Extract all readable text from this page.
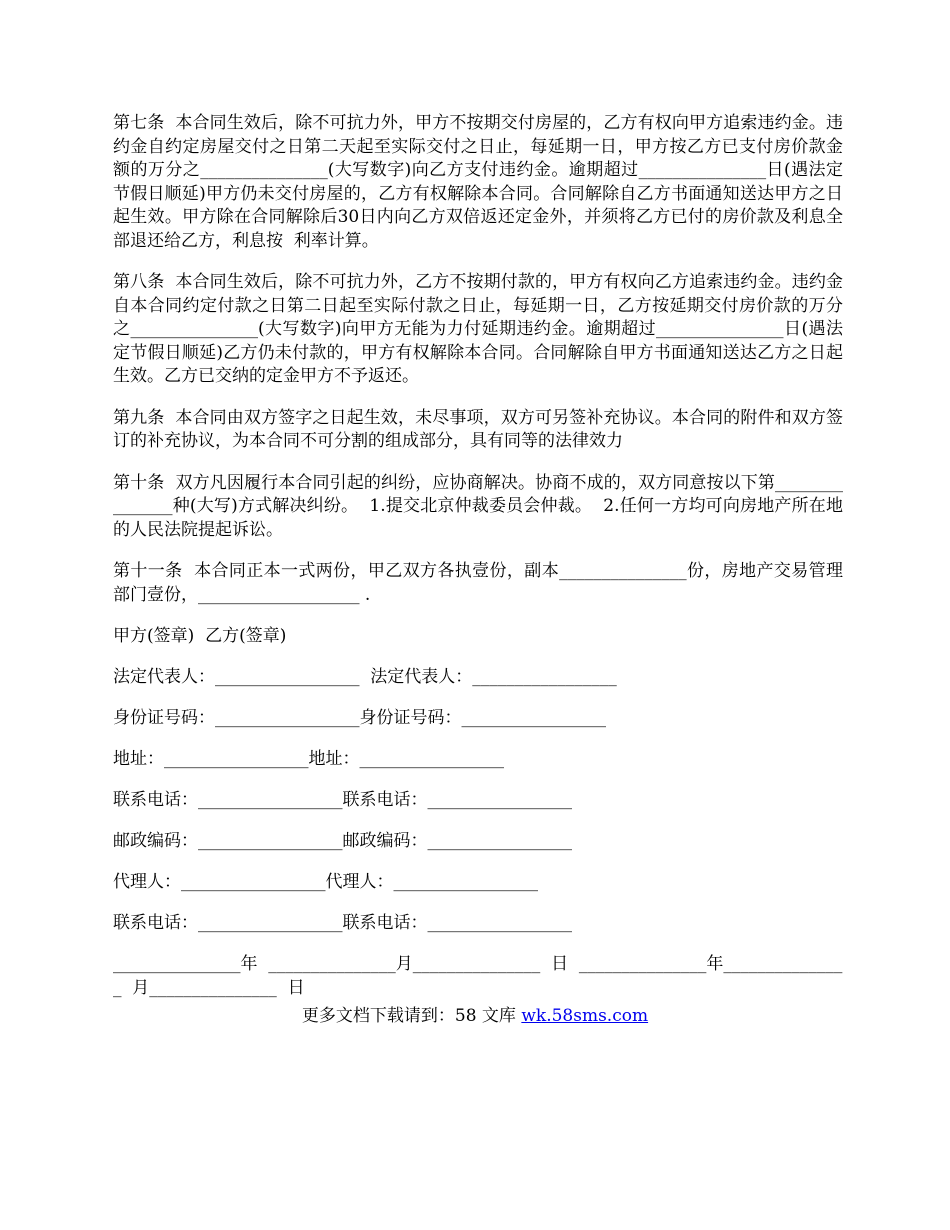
第七条  本合同生效后，除不可抗力外，甲方不按期交付房屋的，乙方有权向甲方追索违约金。违约金自约定房屋交付之日第二天起至实际交付之日止，每延期一日，甲方按乙方已支付房价款金额的万分之_______________(大写数字)向乙方支付违约金。逾期超过_______________日(遇法定节假日顺延)甲方仍未交付房屋的，乙方有权解除本合同。合同解除自乙方书面通知送达甲方之日起生效。甲方除在合同解除后30日内向乙方双倍返还定金外，并须将乙方已付的房价款及利息全部退还给乙方，利息按  利率计算。

第八条  本合同生效后，除不可抗力外，乙方不按期付款的，甲方有权向乙方追索违约金。违约金自本合同约定付款之日第二日起至实际付款之日止，每延期一日，乙方按延期交付房价款的万分之_______________(大写数字)向甲方无能为力付延期违约金。逾期超过_______________日(遇法定节假日顺延)乙方仍未付款的，甲方有权解除本合同。合同解除自甲方书面通知送达乙方之日起生效。乙方已交纳的定金甲方不予返还。

第九条  本合同由双方签字之日起生效，未尽事项，双方可另签补充协议。本合同的附件和双方签订的补充协议，为本合同不可分割的组成部分，具有同等的法律效力

第十条  双方凡因履行本合同引起的纠纷，应协商解决。协商不成的，双方同意按以下第_______________种(大写)方式解决纠纷。  1.提交北京仲裁委员会仲裁。  2.任何一方均可向房地产所在地的人民法院提起诉讼。

第十一条  本合同正本一式两份，甲乙双方各执壹份，副本_______________份，房地产交易管理部门壹份，___________________ .

甲方(签章)  乙方(签章)
法定代表人：_________________  法定代表人：_________________
身份证号码：_________________身份证号码：_________________
地址：_________________地址：_________________
联系电话：_________________联系电话：_________________
邮政编码：_________________邮政编码：_________________
代理人：_________________代理人：_________________
联系电话：_________________联系电话：_________________
_______________年  _______________月_______________  日  _______________年_______________  月_______________  日
更多文档下载请到：58 文库 wk.58sms.com
